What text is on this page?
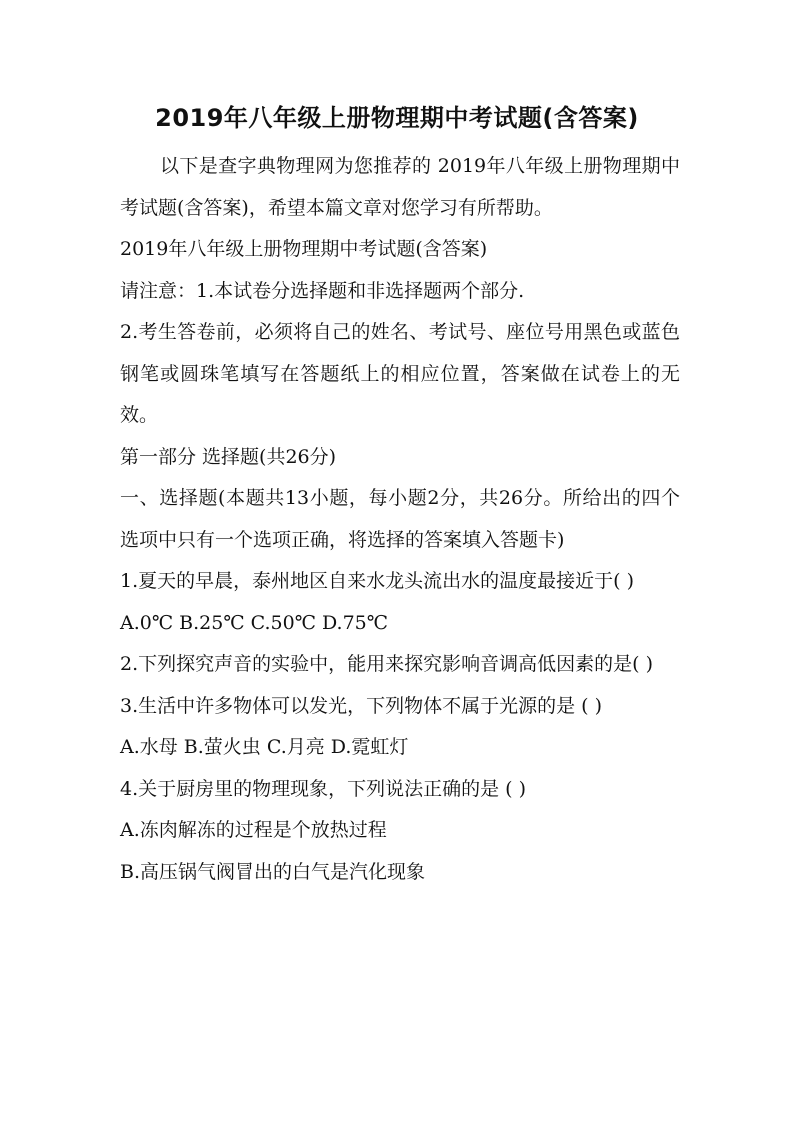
2019年八年级上册物理期中考试题(含答案)

以下是查字典物理网为您推荐的 2019年八年级上册物理期中考试题(含答案)，希望本篇文章对您学习有所帮助。

2019年八年级上册物理期中考试题(含答案)

请注意：1.本试卷分选择题和非选择题两个部分.

2.考生答卷前，必须将自己的姓名、考试号、座位号用黑色或蓝色钢笔或圆珠笔填写在答题纸上的相应位置，答案做在试卷上的无效。

第一部分 选择题(共26分)

一、选择题(本题共13小题，每小题2分，共26分。所给出的四个选项中只有一个选项正确，将选择的答案填入答题卡)

1.夏天的早晨，泰州地区自来水龙头流出水的温度最接近于( )

A.0℃ B.25℃ C.50℃ D.75℃

2.下列探究声音的实验中，能用来探究影响音调高低因素的是( )

3.生活中许多物体可以发光，下列物体不属于光源的是 ( )

A.水母 B.萤火虫 C.月亮 D.霓虹灯

4.关于厨房里的物理现象，下列说法正确的是 ( )

A.冻肉解冻的过程是个放热过程

B.高压锅气阀冒出的白气是汽化现象
